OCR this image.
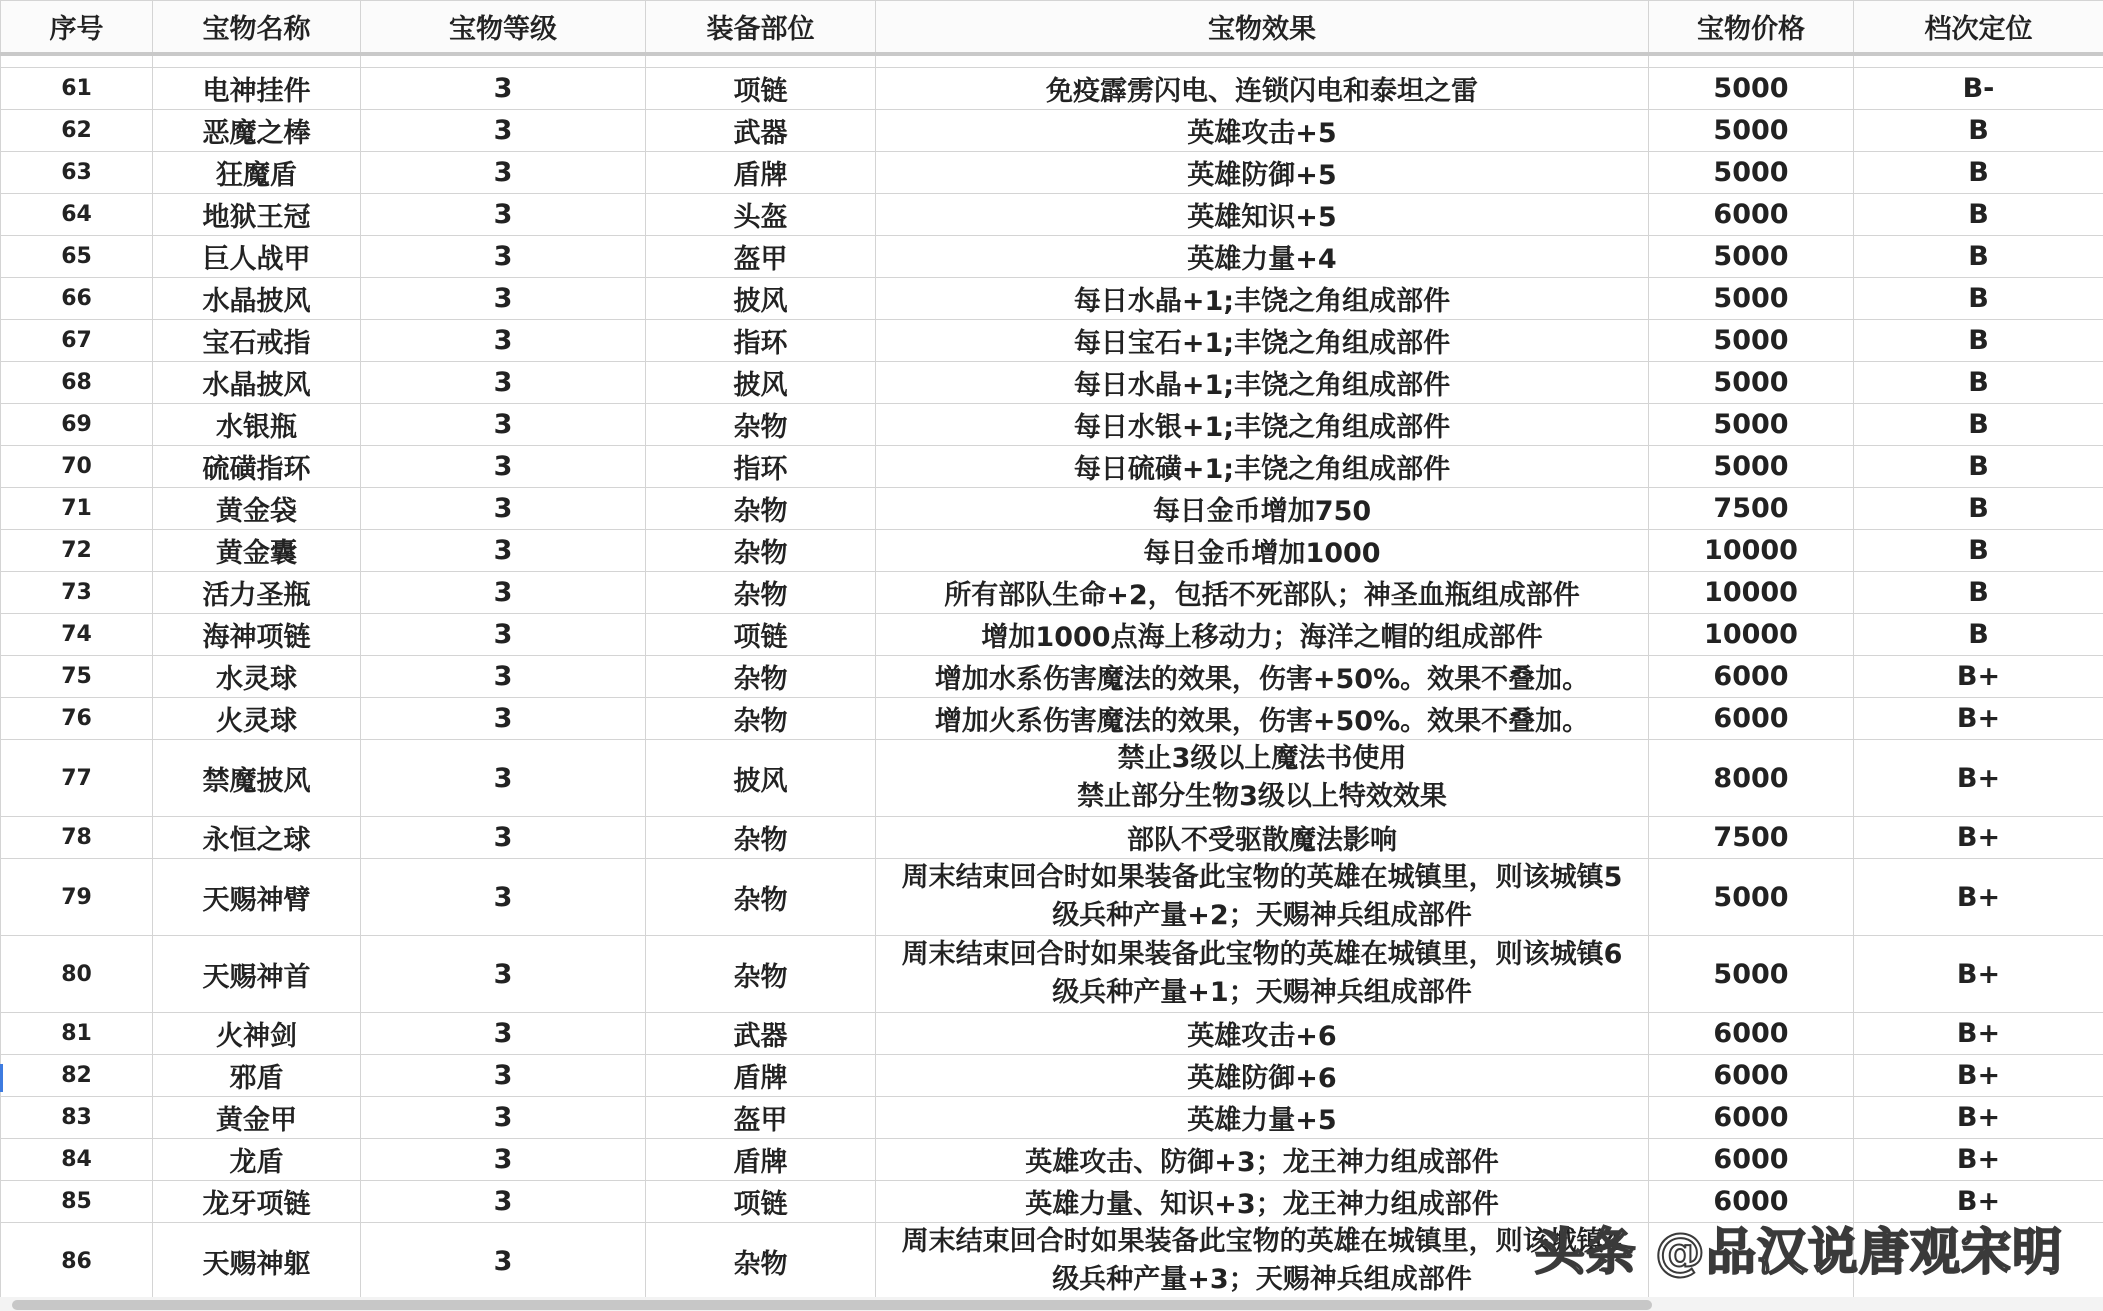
序号	宝物名称	宝物等级	装备部位	宝物效果	宝物价格	档次定位

61	电神挂件	3	项链	免疫霹雳闪电、连锁闪电和泰坦之雷	5000	B-
62	恶魔之棒	3	武器	英雄攻击+5	5000	B
63	狂魔盾	3	盾牌	英雄防御+5	5000	B
64	地狱王冠	3	头盔	英雄知识+5	6000	B
65	巨人战甲	3	盔甲	英雄力量+4	5000	B
66	水晶披风	3	披风	每日水晶+1;丰饶之角组成部件	5000	B
67	宝石戒指	3	指环	每日宝石+1;丰饶之角组成部件	5000	B
68	水晶披风	3	披风	每日水晶+1;丰饶之角组成部件	5000	B
69	水银瓶	3	杂物	每日水银+1;丰饶之角组成部件	5000	B
70	硫磺指环	3	指环	每日硫磺+1;丰饶之角组成部件	5000	B
71	黄金袋	3	杂物	每日金币增加750	7500	B
72	黄金囊	3	杂物	每日金币增加1000	10000	B
73	活力圣瓶	3	杂物	所有部队生命+2，包括不死部队；神圣血瓶组成部件	10000	B
74	海神项链	3	项链	增加1000点海上移动力；海洋之帽的组成部件	10000	B
75	水灵球	3	杂物	增加水系伤害魔法的效果，伤害+50%。效果不叠加。	6000	B+
76	火灵球	3	杂物	增加火系伤害魔法的效果，伤害+50%。效果不叠加。	6000	B+
77	禁魔披风	3	披风	禁止3级以上魔法书使用
禁止部分生物3级以上特效效果	8000	B+
78	永恒之球	3	杂物	部队不受驱散魔法影响	7500	B+
79	天赐神臂	3	杂物	周末结束回合时如果装备此宝物的英雄在城镇里，则该城镇5
级兵种产量+2；天赐神兵组成部件	5000	B+
80	天赐神首	3	杂物	周末结束回合时如果装备此宝物的英雄在城镇里，则该城镇6
级兵种产量+1；天赐神兵组成部件	5000	B+
81	火神剑	3	武器	英雄攻击+6	6000	B+
82	邪盾	3	盾牌	英雄防御+6	6000	B+
83	黄金甲	3	盔甲	英雄力量+5	6000	B+
84	龙盾	3	盾牌	英雄攻击、防御+3；龙王神力组成部件	6000	B+
85	龙牙项链	3	项链	英雄力量、知识+3；龙王神力组成部件	6000	B+
86	天赐神躯	3	杂物	周末结束回合时如果装备此宝物的英雄在城镇里，则该城镇4
级兵种产量+3；天赐神兵组成部件		
			头条 @品汉说唐观宋明
